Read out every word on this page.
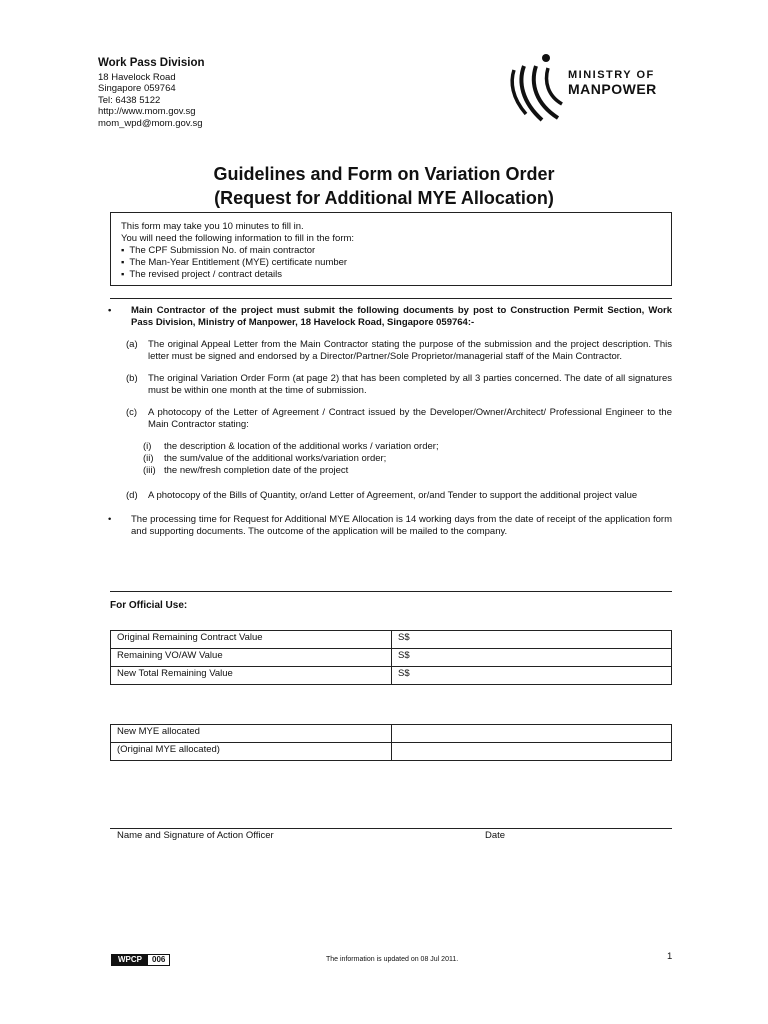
Work Pass Division
18 Havelock Road
Singapore 059764
Tel: 6438 5122
http://www.mom.gov.sg
mom_wpd@mom.gov.sg
MINISTRY OF
MANPOWER
Guidelines and Form on Variation Order
(Request for Additional MYE Allocation)
This form may take you 10 minutes to fill in.
You will need the following information to fill in the form:
▪ The CPF Submission No. of main contractor
▪ The Man-Year Entitlement (MYE) certificate number
▪ The revised project / contract details
• Main Contractor of the project must submit the following documents by post to Construction Permit Section, Work Pass Division, Ministry of Manpower, 18 Havelock Road, Singapore 059764:-
(a) The original Appeal Letter from the Main Contractor stating the purpose of the submission and the project description. This letter must be signed and endorsed by a Director/Partner/Sole Proprietor/managerial staff of the Main Contractor.
(b) The original Variation Order Form (at page 2) that has been completed by all 3 parties concerned. The date of all signatures must be within one month at the time of submission.
(c) A photocopy of the Letter of Agreement / Contract issued by the Developer/Owner/Architect/ Professional Engineer to the Main Contractor stating:
(i) the description & location of the additional works / variation order;
(ii) the sum/value of the additional works/variation order;
(iii) the new/fresh completion date of the project
(d) A photocopy of the Bills of Quantity, or/and Letter of Agreement, or/and Tender to support the additional project value
• The processing time for Request for Additional MYE Allocation is 14 working days from the date of receipt of the application form and supporting documents. The outcome of the application will be mailed to the company.
For Official Use:
Original Remaining Contract Value	S$
Remaining VO/AW Value	S$
New Total Remaining Value	S$
New MYE allocated	
(Original MYE allocated)	
Name and Signature of Action Officer	Date
WPCP	006	The information is updated on 08 Jul 2011.	1
